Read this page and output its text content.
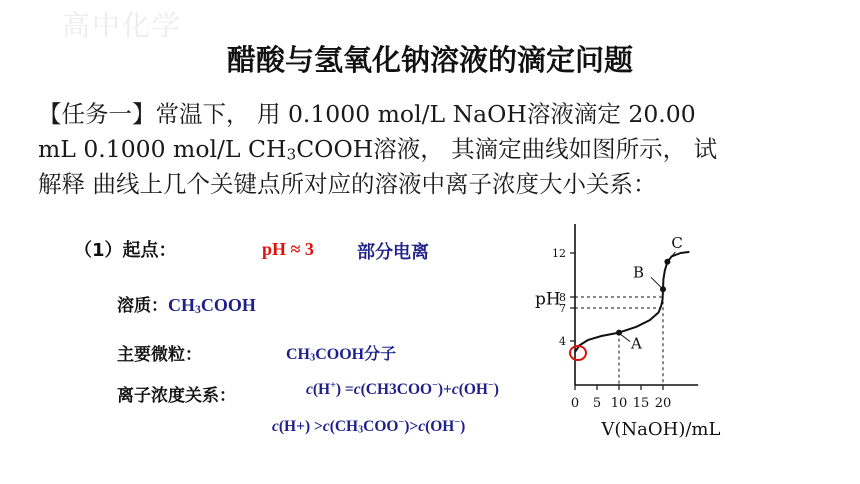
高中化学
醋酸与氢氧化钠溶液的滴定问题
【任务一】常温下， 用 0.1000 mol/L NaOH溶液滴定 20.00
mL 0.1000 mol/L $CH_3COOH$溶液， 其滴定曲线如图所示， 试
解释 曲线上几个关键点所对应的溶液中离子浓度大小关系：
（1）起点：	pH ≈ 3 部分电离
溶质：$CH_3COOH$
主要微粒：	$CH_3COOH$分子
离子浓度关系：	c(H+) =c(CH3COO−)+c(OH−)
$c(H+) >c(CH_3COO^-)>c(OH^-)$
4
7
8
12
0 5 10 15 20
pH
V(NaOH)/mL
A
B
C
